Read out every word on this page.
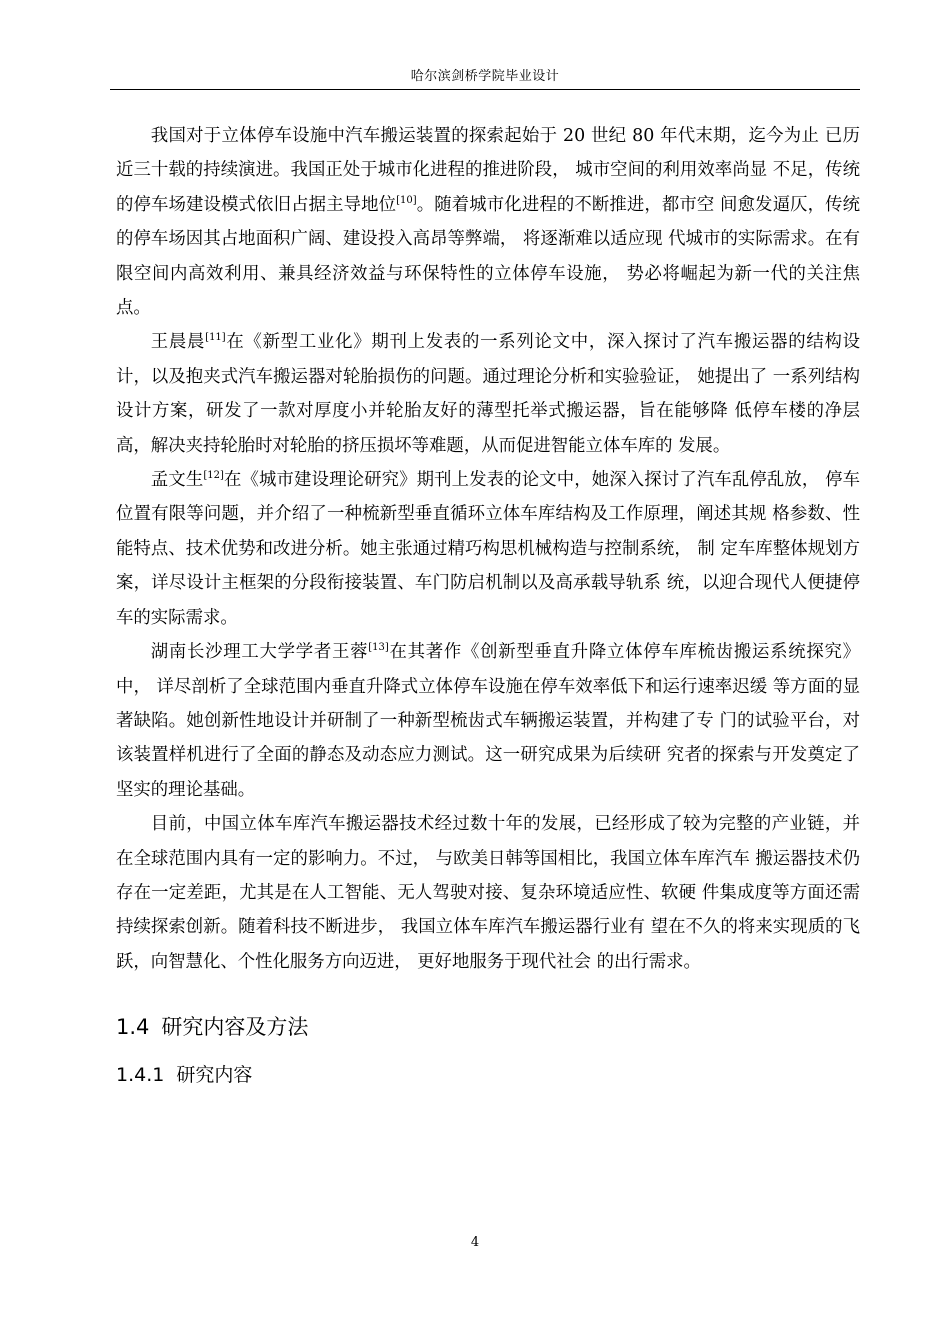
哈尔滨剑桥学院毕业设计

我国对于立体停车设施中汽车搬运装置的探索起始于 20 世纪 80 年代末期，迄今为止 已历近三十载的持续演进。我国正处于城市化进程的推进阶段， 城市空间的利用效率尚显 不足，传统的停车场建设模式依旧占据主导地位[10]。随着城市化进程的不断推进，都市空 间愈发逼仄，传统的停车场因其占地面积广阔、建设投入高昂等弊端， 将逐渐难以适应现 代城市的实际需求。在有限空间内高效利用、兼具经济效益与环保特性的立体停车设施， 势必将崛起为新一代的关注焦点。

王晨晨[11]在《新型工业化》期刊上发表的一系列论文中，深入探讨了汽车搬运器的结构设计，以及抱夹式汽车搬运器对轮胎损伤的问题。通过理论分析和实验验证， 她提出了 一系列结构设计方案，研发了一款对厚度小并轮胎友好的薄型托举式搬运器，旨在能够降 低停车楼的净层高，解决夹持轮胎时对轮胎的挤压损坏等难题，从而促进智能立体车库的 发展。

孟文生[12]在《城市建设理论研究》期刊上发表的论文中，她深入探讨了汽车乱停乱放， 停车位置有限等问题，并介绍了一种梳新型垂直循环立体车库结构及工作原理，阐述其规 格参数、性能特点、技术优势和改进分析。她主张通过精巧构思机械构造与控制系统， 制 定车库整体规划方案，详尽设计主框架的分段衔接装置、车门防启机制以及高承载导轨系 统，以迎合现代人便捷停车的实际需求。

湖南长沙理工大学学者王蓉[13]在其著作《创新型垂直升降立体停车库梳齿搬运系统探究》中， 详尽剖析了全球范围内垂直升降式立体停车设施在停车效率低下和运行速率迟缓 等方面的显著缺陷。她创新性地设计并研制了一种新型梳齿式车辆搬运装置，并构建了专 门的试验平台，对该装置样机进行了全面的静态及动态应力测试。这一研究成果为后续研 究者的探索与开发奠定了坚实的理论基础。

目前，中国立体车库汽车搬运器技术经过数十年的发展，已经形成了较为完整的产业链，并在全球范围内具有一定的影响力。不过， 与欧美日韩等国相比，我国立体车库汽车 搬运器技术仍存在一定差距，尤其是在人工智能、无人驾驶对接、复杂环境适应性、软硬 件集成度等方面还需持续探索创新。随着科技不断进步， 我国立体车库汽车搬运器行业有 望在不久的将来实现质的飞跃，向智慧化、个性化服务方向迈进， 更好地服务于现代社会 的出行需求。

1.4 研究内容及方法
1.4.1 研究内容
4
